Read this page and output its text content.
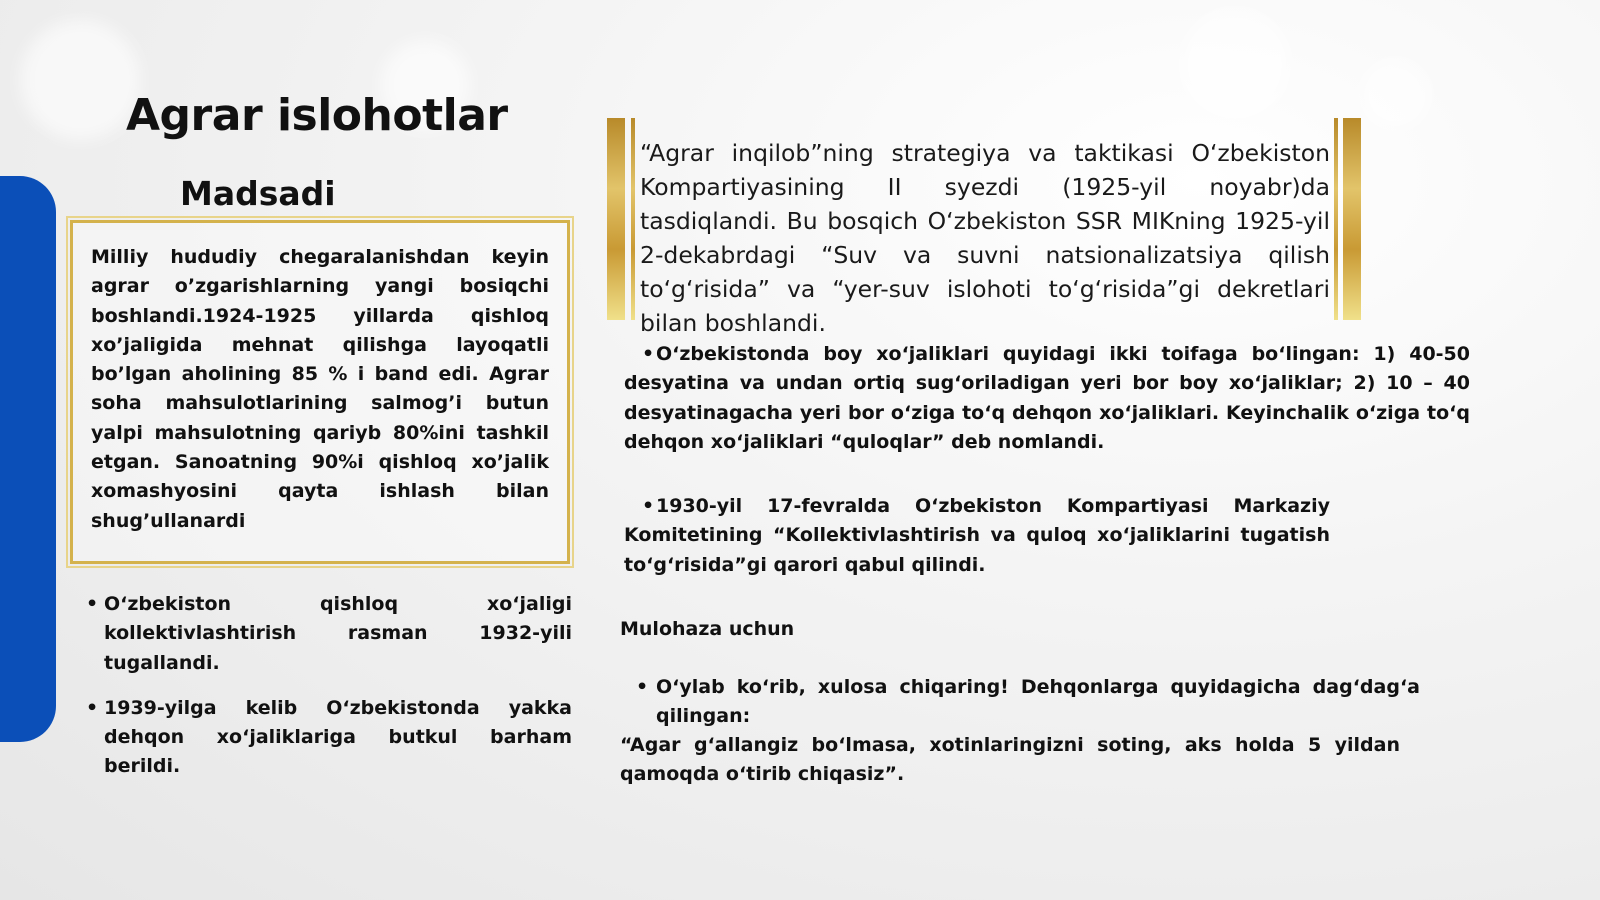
Agrar islohotlar
Madsadi

Milliy hududiy chegaralanishdan keyin agrar o’zgarishlarning yangi bosiqchi boshlandi.1924-1925 yillarda qishloq xo’jaligida mehnat qilishga layoqatli bo’lgan aholining 85 % i band edi. Agrar soha mahsulotlarining salmog’i butun yalpi mahsulotning qariyb 80%ini tashkil etgan. Sanoatning 90%i qishloq xo’jalik xomashyosini qayta ishlash bilan shug’ullanardi

• O‘zbekiston qishloq xo‘jaligi kollektivlashtirish rasman 1932-yili tugallandi.
• 1939-yilga kelib O‘zbekistonda yakka dehqon xo‘jaliklariga butkul barham berildi.

“Agrar inqilob”ning strategiya va taktikasi O‘zbekiston Kompartiyasining II syezdi (1925-yil noyabr)da tasdiqlandi. Bu bosqich O‘zbekiston SSR MIKning 1925-yil 2-dekabrdagi “Suv va suvni natsionalizatsiya qilish to‘g‘risida” va “yer-suv islohoti to‘g‘risida”gi dekretlari bilan boshlandi.

•O‘zbekistonda boy xo‘jaliklari quyidagi ikki toifaga bo‘lingan: 1) 40-50 desyatina va undan ortiq sug‘oriladigan yeri bor boy xo‘jaliklar; 2) 10 – 40 desyatinagacha yeri bor o‘ziga to‘q dehqon xo‘jaliklari. Keyinchalik o‘ziga to‘q dehqon xo‘jaliklari “quloqlar” deb nomlandi.

•1930-yil 17-fevralda O‘zbekiston Kompartiyasi Markaziy Komitetining “Kollektivlashtirish va quloq xo‘jaliklarini tugatish to‘g‘risida”gi qarori qabul qilindi.

Mulohaza uchun

• O‘ylab ko‘rib, xulosa chiqaring! Dehqonlarga quyidagicha dag‘dag‘a qilingan:

“Agar g‘allangiz bo‘lmasa, xotinlaringizni soting, aks holda 5 yildan qamoqda o‘tirib chiqasiz”.
